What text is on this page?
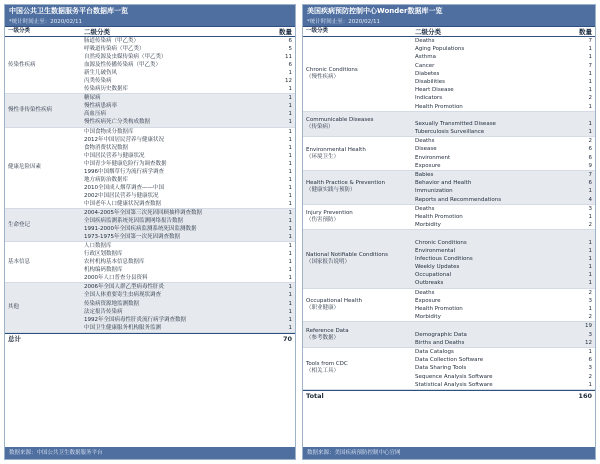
中国公共卫生数据服务平台数据库一览
*统计时间止至：2020/02/11
一级分类	二级分类	数量
传染性疾病
肠道传染病（甲乙类）	6
呼吸道传染病（甲乙类）	5
自然疫源及虫媒传染病（甲乙类）	11
血源及性传播传染病（甲乙类）	6
新生儿破伤风	1
丙类传染病	12
传染病历史数据库	1
慢性非传染性疾病
糖尿病	1
慢性病患病率	1
高血压病	1
慢性疾病死亡分类构成数据	1
健康危险因素
中国食物成分数据库	1
2012年中国居民营养与健康状况	1
食物消费状况数据	1
中国居民营养与健康状况	1
中国青少年健康危险行为调查数据	1
1996中国烟草行为流行病学调查	1
地方病防治数据库	1
2010全国成人烟草调查——中国	1
2002中国居民营养与健康状况	1
中国老年人口健康状况调查数据	1
生命登记
2004-2005年全国第三次死因回顾抽样调查数据	1
全国疾病监测系统死因监测网络报告数据	1
1991-2000年全国疾病监测系统死因监测数据	1
1973-1975年全国第一次死因调查数据	1
基本信息
人口数据库	1
行政区划数据库	1
农村机构基本信息数据库	1
机构编码数据库	1
2000年人口普查分县资料	1
其他
2006年全国人群乙型病毒性肝炎	1
全国人体重要寄生虫病现状调查	1
传染病资源地监测数据	1
法定报告传染病	1
1992年全国病毒性肝炎流行病学调查数据	1
中国卫生健康服务机构服务监测	1
总计	70
数据来源：中国公共卫生数据服务平台
美国疾病预防控制中心Wonder数据库一览
*统计时间止至：2020/02/11
一级分类	二级分类	数量
Chronic Conditions
（慢性疾病）
Deaths	7
Aging Populations	1
Asthma	1
Cancer	7
Diabetes	1
Disabilities	1
Heart Disease	1
Indicators	2
Health Promotion	1
Communicable Diseases
（传染病）
Sexually Transmitted Disease	1
Tuberculosis Surveillance	1
Environmental Health
（环境卫生）
Deaths	2
Disease	6
Environment	6
Exposure	9
Health Practice & Prevention
（健康实践与预防）
Babies	7
Behavior and Health	6
Immunization	1
Reports and Recommendations	4
Injury Prevention
（伤害预防）
Deaths	3
Health Promotion	1
Morbidity	2
National Notifiable Conditions
（国家报告说明）
Chronic Conditions	1
Environmental	1
Infectious Conditions	1
Weekly Updates	1
Occupational	1
Outbreaks	1
Occupational Health
（职业健康）
Deaths	2
Exposure	3
Health Promotion	1
Morbidity	2
Reference Data
（参考数据）
19
Demographic Data	3
Births and Deaths	12
Tools from CDC
（相关工具）
Data Catalogs	1
Data Collection Software	6
Data Sharing Tools	3
Sequence Analysis Software	2
Statistical Analysis Software	1
Total	160
数据来源：美国疾病预防控制中心官网
